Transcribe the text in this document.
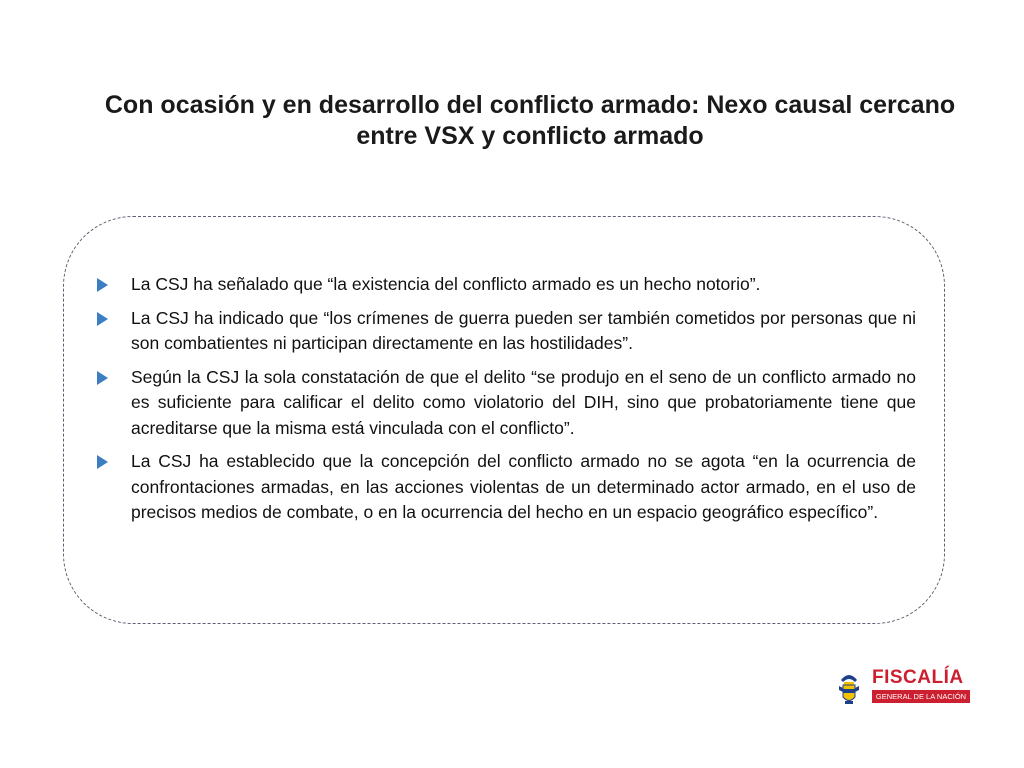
Con ocasión y en desarrollo del conflicto armado: Nexo causal cercano entre VSX y conflicto armado
La CSJ ha señalado que “la existencia del conflicto armado es un hecho notorio”.
La CSJ ha indicado que “los crímenes de guerra pueden ser también cometidos por personas que ni son combatientes ni participan directamente en las hostilidades”.
Según la CSJ la sola constatación de que el delito “se produjo en el seno de un conflicto armado no es suficiente para calificar el delito como violatorio del DIH, sino que probatoriamente tiene que acreditarse que la misma está vinculada con el conflicto”.
La CSJ ha establecido que la concepción del conflicto armado no se agota “en la ocurrencia de confrontaciones armadas, en las acciones violentas de un determinado actor armado, en el uso de precisos medios de combate, o en la ocurrencia del hecho en un espacio geográfico específico”.
FISCALÍA
GENERAL DE LA NACIÓN
